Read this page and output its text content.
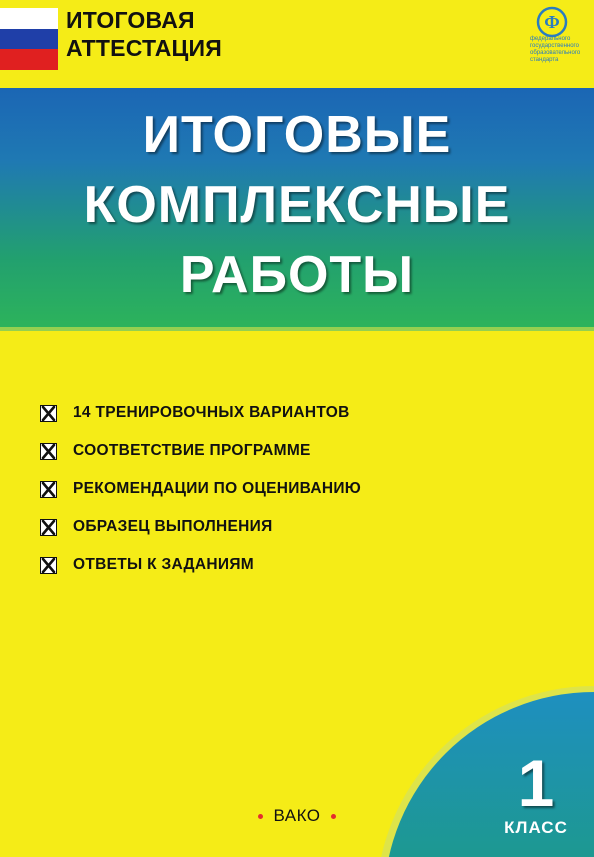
ИТОГОВАЯ
АТТЕСТАЦИЯ
Ф
федерального государственного образовательного стандарта
ИТОГОВЫЕ
КОМПЛЕКСНЫЕ
РАБОТЫ
14 ТРЕНИРОВОЧНЫХ ВАРИАНТОВ
СООТВЕТСТВИЕ ПРОГРАММЕ
РЕКОМЕНДАЦИИ ПО ОЦЕНИВАНИЮ
ОБРАЗЕЦ ВЫПОЛНЕНИЯ
ОТВЕТЫ К ЗАДАНИЯМ
1
КЛАСС
ВАКО
